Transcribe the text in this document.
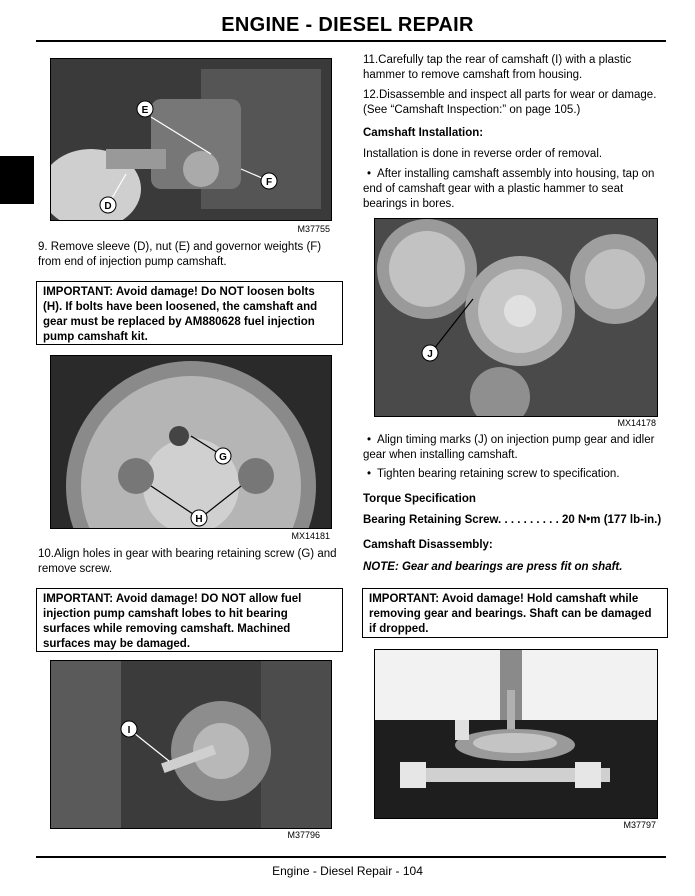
ENGINE - DIESEL REPAIR
E
F
D
M37755
9. Remove sleeve (D), nut (E) and governor weights (F) from end of injection pump camshaft.
IMPORTANT: Avoid damage! Do NOT loosen bolts (H). If bolts have been loosened, the camshaft and gear must be replaced by AM880628 fuel injection pump camshaft kit.
G
H
MX14181
10.Align holes in gear with bearing retaining screw (G) and remove screw.
IMPORTANT: Avoid damage! DO NOT allow fuel injection pump camshaft lobes to hit bearing surfaces while removing camshaft. Machined surfaces may be damaged.
I
M37796
11.Carefully tap the rear of camshaft (I) with a plastic hammer to remove camshaft from housing.
12.Disassemble and inspect all parts for wear or damage. (See “Camshaft Inspection:” on page 105.)
Camshaft Installation:
Installation is done in reverse order of removal.
• After installing camshaft assembly into housing, tap on end of camshaft gear with a plastic hammer to seat bearings in bores.
J
MX14178
• Align timing marks (J) on injection pump gear and idler gear when installing camshaft.
• Tighten bearing retaining screw to specification.
Torque Specification
Bearing Retaining Screw. . . . . . . . . . 20 N•m (177 lb-in.)
Camshaft Disassembly:
NOTE: Gear and bearings are press fit on shaft.
IMPORTANT: Avoid damage! Hold camshaft while removing gear and bearings. Shaft can be damaged if dropped.
M37797
Engine - Diesel Repair - 104
